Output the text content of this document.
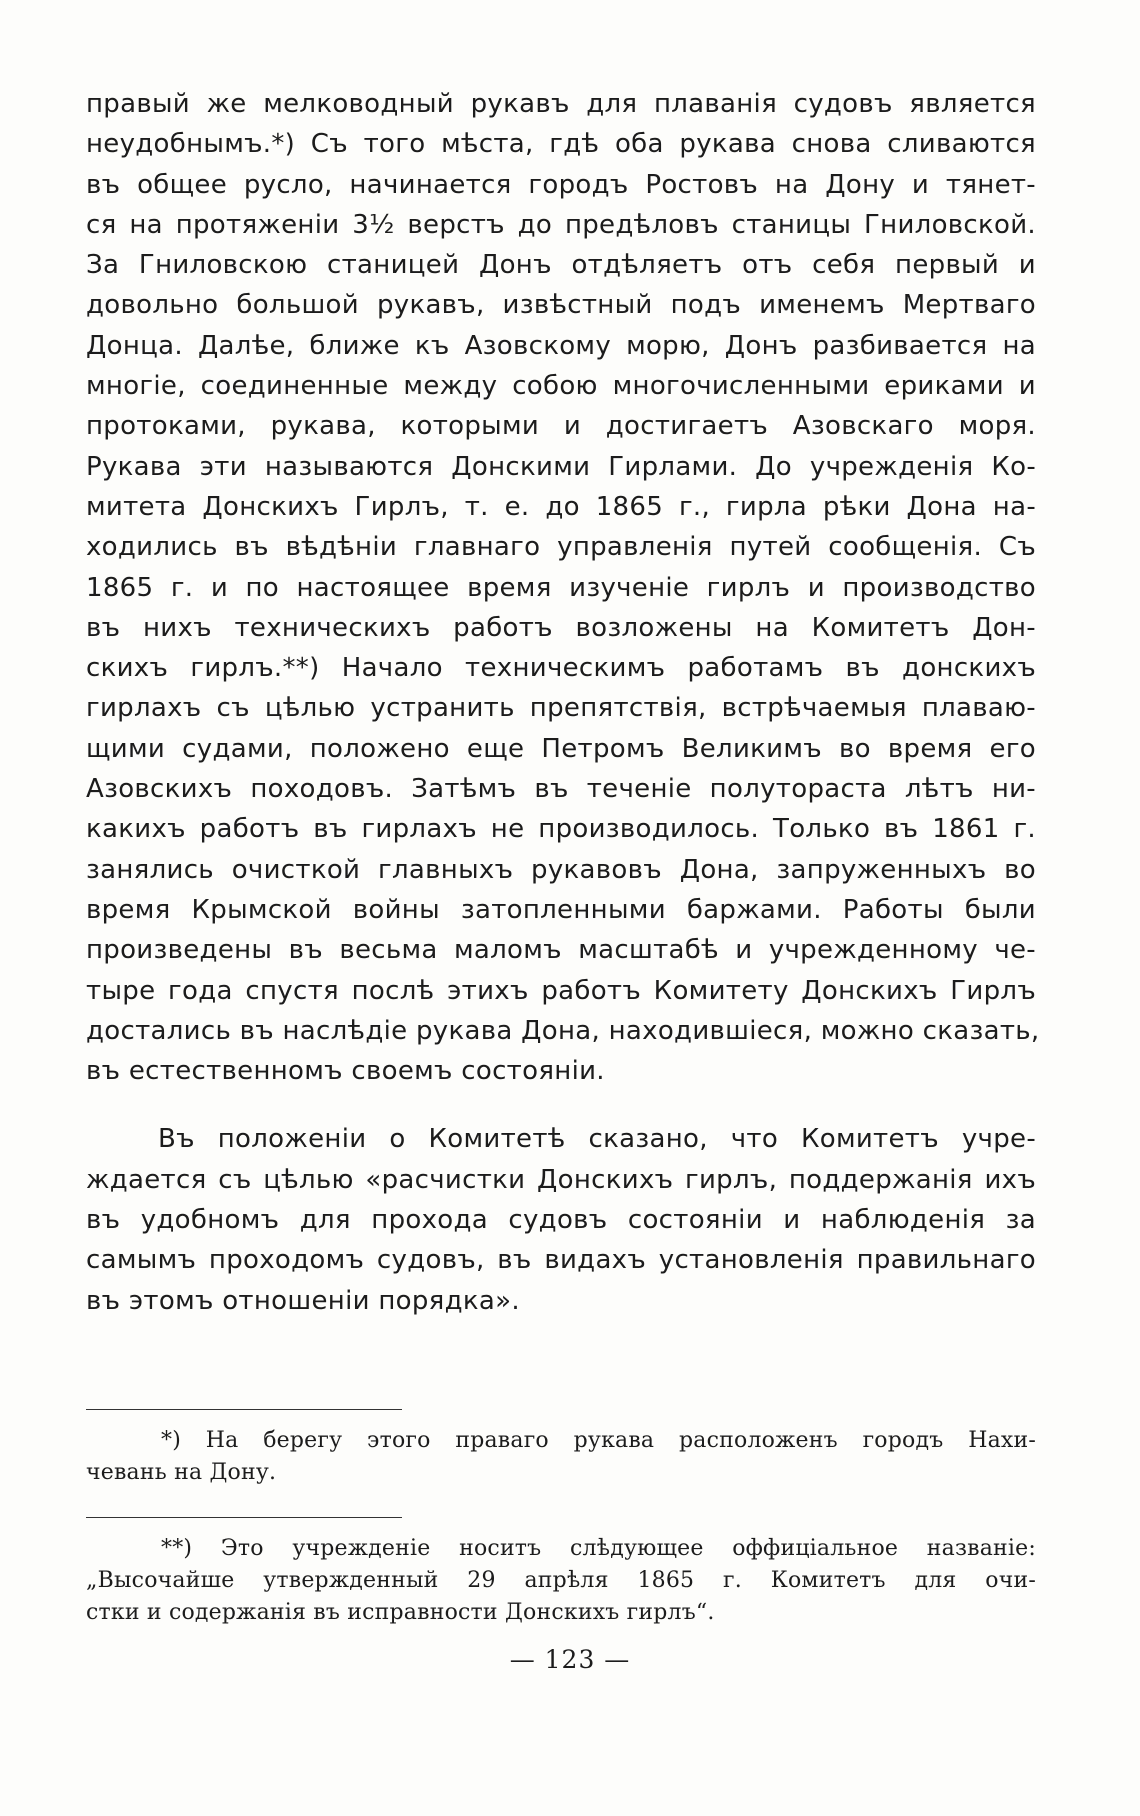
правый же мелководный рукавъ для плаванія судовъ является
неудобнымъ.*) Съ того мѣста, гдѣ оба рукава снова сливаются
въ общее русло, начинается городъ Ростовъ на Дону и тянет-
ся на протяженіи 3½ верстъ до предѣловъ станицы Гниловской.
За Гниловскою станицей Донъ отдѣляетъ отъ себя первый и
довольно большой рукавъ, извѣстный подъ именемъ Мертваго
Донца. Далѣе, ближе къ Азовскому морю, Донъ разбивается на
многіе, соединенные между собою многочисленными ериками и
протоками, рукава, которыми и достигаетъ Азовскаго моря.
Рукава эти называются Донскими Гирлами. До учрежденія Ко-
митета Донскихъ Гирлъ, т. е. до 1865 г., гирла рѣки Дона на-
ходились въ вѣдѣніи главнаго управленія путей сообщенія. Съ
1865 г. и по настоящее время изученіе гирлъ и производство
въ нихъ техническихъ работъ возложены на Комитетъ Дон-
скихъ гирлъ.**) Начало техническимъ работамъ въ донскихъ
гирлахъ съ цѣлью устранить препятствія, встрѣчаемыя плаваю-
щими судами, положено еще Петромъ Великимъ во время его
Азовскихъ походовъ. Затѣмъ въ теченіе полутораста лѣтъ ни-
какихъ работъ въ гирлахъ не производилось. Только въ 1861 г.
занялись очисткой главныхъ рукавовъ Дона, запруженныхъ во
время Крымской войны затопленными баржами. Работы были
произведены въ весьма маломъ масштабѣ и учрежденному че-
тыре года спустя послѣ этихъ работъ Комитету Донскихъ Гирлъ
достались въ наслѣдіе рукава Дона, находившіеся, можно сказать,
въ естественномъ своемъ состояніи.

Въ положеніи о Комитетѣ сказано, что Комитетъ учре-
ждается съ цѣлью «расчистки Донскихъ гирлъ, поддержанія ихъ
въ удобномъ для прохода судовъ состояніи и наблюденія за
самымъ проходомъ судовъ, въ видахъ установленія правильнаго
въ этомъ отношеніи порядка».

*) На берегу этого праваго рукава расположенъ городъ Нахи-
чевань на Дону.
**) Это учрежденіе носитъ слѣдующее оффиціальное названіе:
„Высочайше утвержденный 29 апрѣля 1865 г. Комитетъ для очи-
стки и содержанія въ исправности Донскихъ гирлъ“.
— 123 —
